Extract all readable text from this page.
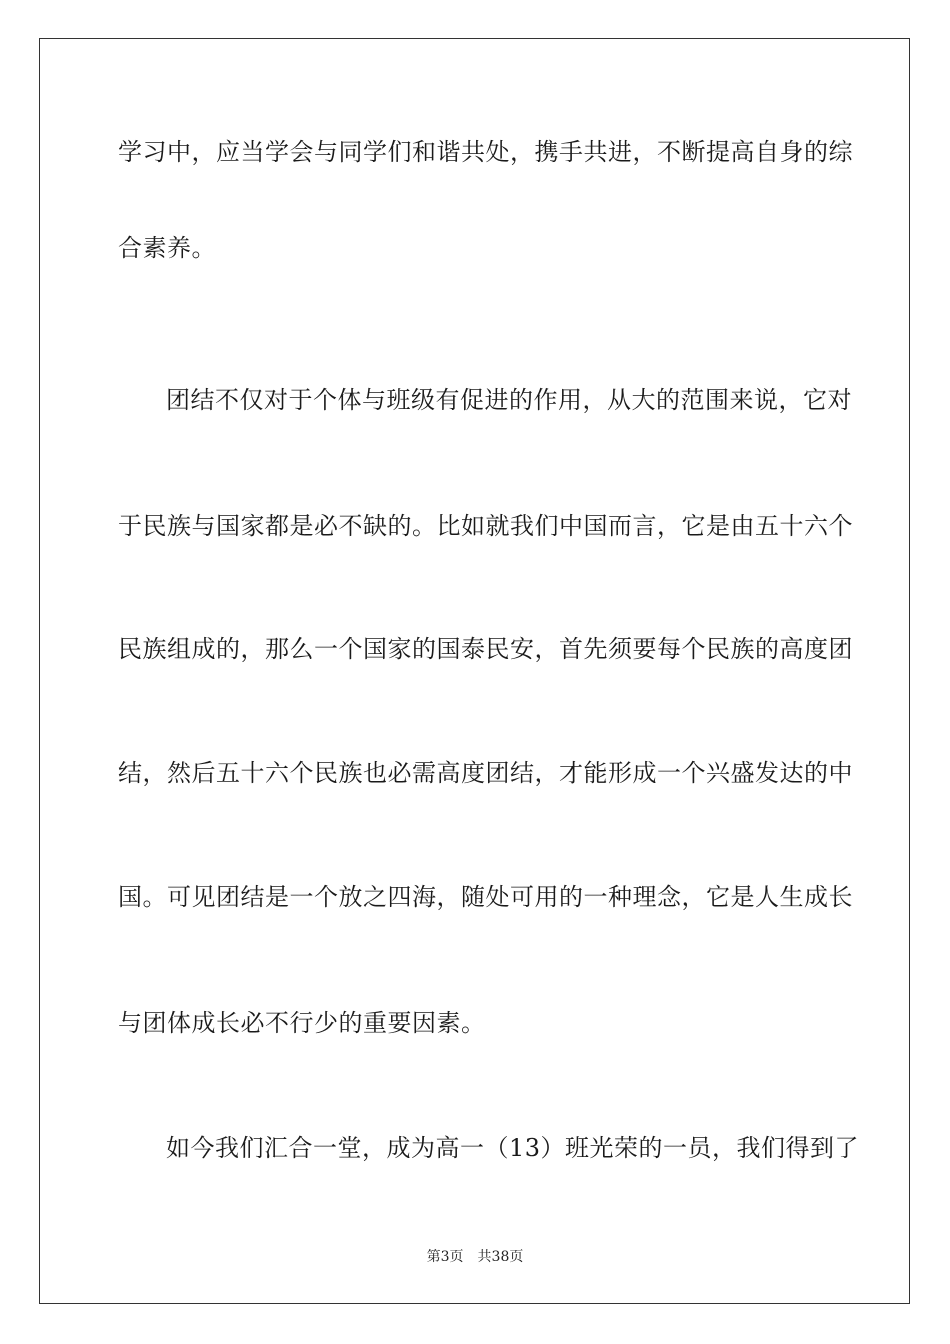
学习中，应当学会与同学们和谐共处，携手共进，不断提高自身的综
合素养。
团结不仅对于个体与班级有促进的作用，从大的范围来说，它对
于民族与国家都是必不缺的。比如就我们中国而言，它是由五十六个
民族组成的，那么一个国家的国泰民安，首先须要每个民族的高度团
结，然后五十六个民族也必需高度团结，才能形成一个兴盛发达的中
国。可见团结是一个放之四海，随处可用的一种理念，它是人生成长
与团体成长必不行少的重要因素。
如今我们汇合一堂，成为高一（13）班光荣的一员，我们得到了
第3页 共38页
